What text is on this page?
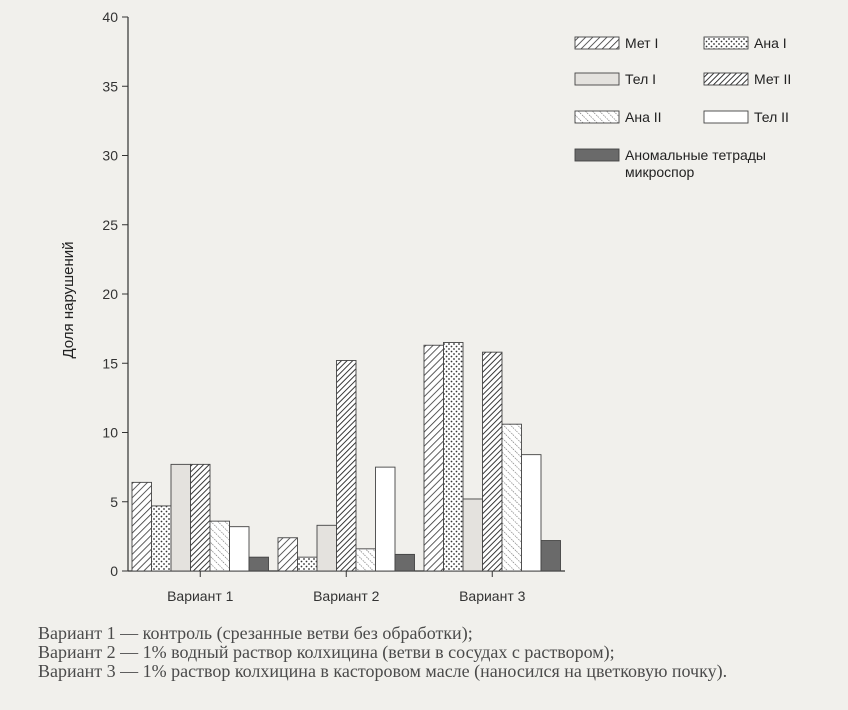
0
5
10
15
20
25
30
35
40
Доля нарушений
Вариант 1	Вариант 2	Вариант 3
Мет I	Ана I
Тел I	Мет II
Ана II	Тел II
Аномальные тетрады микроспор
Вариант 1 — контроль (срезанные ветви без обработки);
Вариант 2 — 1% водный раствор колхицина (ветви в сосудах с раствором);
Вариант 3 — 1% раствор колхицина в касторовом масле (наносился на цветковую почку).
